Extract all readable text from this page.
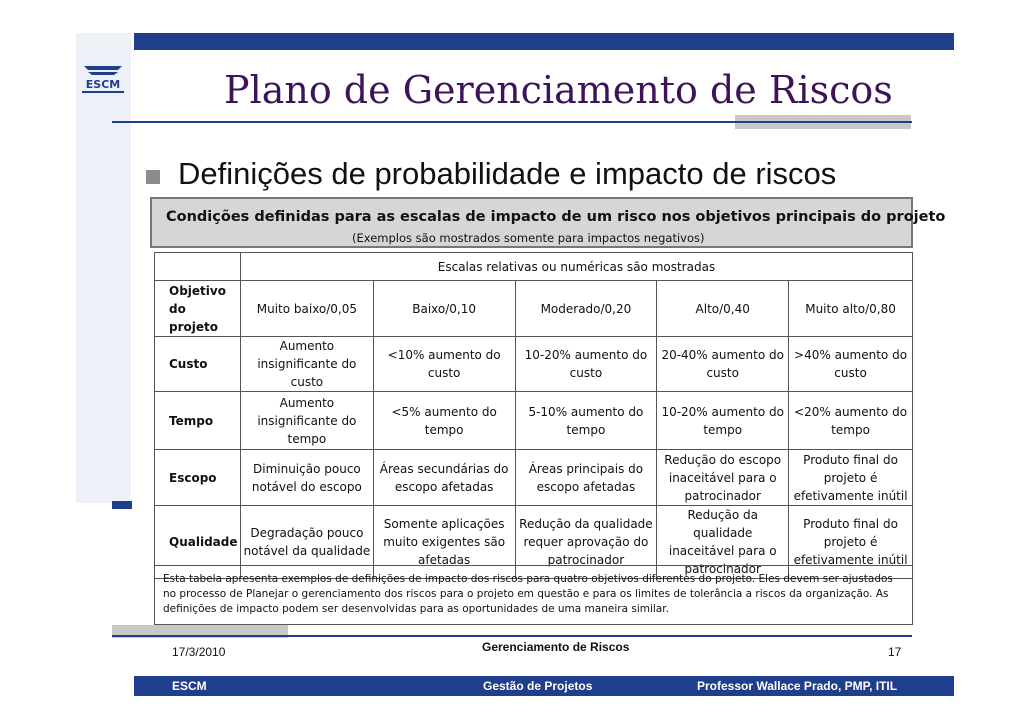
ESCM	Plano de Gerenciamento de Riscos
Definições de probabilidade e impacto de riscos
Condições definidas para as escalas de impacto de um risco nos objetivos principais do projeto
(Exemplos são mostrados somente para impactos negativos)
	Escalas relativas ou numéricas são mostradas				
Objetivo do projeto	Muito baixo/0,05	Baixo/0,10	Moderado/0,20	Alto/0,40	Muito alto/0,80
Custo	Aumento insignificante do custo	<10% aumento do custo	10-20% aumento do custo	20-40% aumento do custo	>40% aumento do custo
Tempo	Aumento insignificante do tempo	<5% aumento do tempo	5-10% aumento do tempo	10-20% aumento do tempo	<20% aumento do tempo
Escopo	Diminuição pouco notável do escopo	Áreas secundárias do escopo afetadas	Áreas principais do escopo afetadas	Redução do escopo inaceitável para o patrocinador	Produto final do projeto é efetivamente inútil
Qualidade	Degradação pouco notável da qualidade	Somente aplicações muito exigentes são afetadas	Redução da qualidade requer aprovação do patrocinador	Redução da qualidade inaceitável para o patrocinador	Produto final do projeto é efetivamente inútil
Esta tabela apresenta exemplos de definições de impacto dos riscos para quatro objetivos diferentes do projeto. Eles devem ser ajustados no processo de Planejar o gerenciamento dos riscos para o projeto em questão e para os limites de tolerância a riscos da organização. As definições de impacto podem ser desenvolvidas para as oportunidades de uma maneira similar.
17/3/2010	Gerenciamento de Riscos	17
ESCM	Gestão de Projetos	Professor Wallace Prado, PMP, ITIL
